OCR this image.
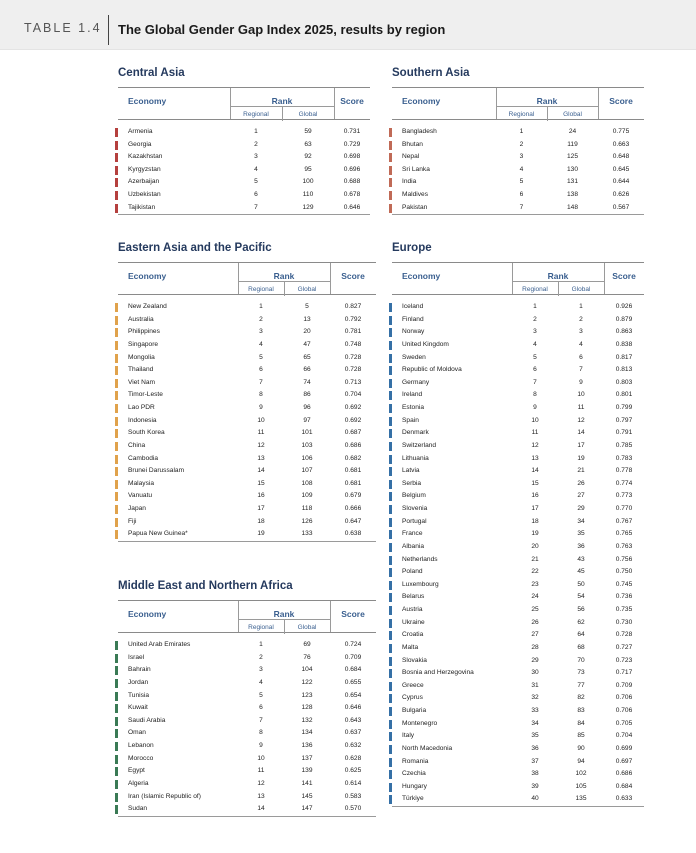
TABLE 1.4 The Global Gender Gap Index 2025, results by region
Central Asia
Economy	Rank	Score
Regional	Global
Armenia	1	59	0.731
Georgia	2	63	0.729
Kazakhstan	3	92	0.698
Kyrgyzstan	4	95	0.696
Azerbaijan	5	100	0.688
Uzbekistan	6	110	0.678
Tajikistan	7	129	0.646
Southern Asia
Economy	Rank	Score
Regional	Global
Bangladesh	1	24	0.775
Bhutan	2	119	0.663
Nepal	3	125	0.648
Sri Lanka	4	130	0.645
India	5	131	0.644
Maldives	6	138	0.626
Pakistan	7	148	0.567
Eastern Asia and the Pacific
Economy	Rank	Score
Regional	Global
New Zealand	1	5	0.827
Australia	2	13	0.792
Philippines	3	20	0.781
Singapore	4	47	0.748
Mongolia	5	65	0.728
Thailand	6	66	0.728
Viet Nam	7	74	0.713
Timor-Leste	8	86	0.704
Lao PDR	9	96	0.692
Indonesia	10	97	0.692
South Korea	11	101	0.687
China	12	103	0.686
Cambodia	13	106	0.682
Brunei Darussalam	14	107	0.681
Malaysia	15	108	0.681
Vanuatu	16	109	0.679
Japan	17	118	0.666
Fiji	18	126	0.647
Papua New Guinea*	19	133	0.638
Europe
Economy	Rank	Score
Regional	Global
Iceland	1	1	0.926
Finland	2	2	0.879
Norway	3	3	0.863
United Kingdom	4	4	0.838
Sweden	5	6	0.817
Republic of Moldova	6	7	0.813
Germany	7	9	0.803
Ireland	8	10	0.801
Estonia	9	11	0.799
Spain	10	12	0.797
Denmark	11	14	0.791
Switzerland	12	17	0.785
Lithuania	13	19	0.783
Latvia	14	21	0.778
Serbia	15	26	0.774
Belgium	16	27	0.773
Slovenia	17	29	0.770
Portugal	18	34	0.767
France	19	35	0.765
Albania	20	36	0.763
Netherlands	21	43	0.756
Poland	22	45	0.750
Luxembourg	23	50	0.745
Belarus	24	54	0.736
Austria	25	56	0.735
Ukraine	26	62	0.730
Croatia	27	64	0.728
Malta	28	68	0.727
Slovakia	29	70	0.723
Bosnia and Herzegovina	30	73	0.717
Greece	31	77	0.709
Cyprus	32	82	0.706
Bulgaria	33	83	0.706
Montenegro	34	84	0.705
Italy	35	85	0.704
North Macedonia	36	90	0.699
Romania	37	94	0.697
Czechia	38	102	0.686
Hungary	39	105	0.684
Türkiye	40	135	0.633
Middle East and Northern Africa
Economy	Rank	Score
Regional	Global
United Arab Emirates	1	69	0.724
Israel	2	76	0.709
Bahrain	3	104	0.684
Jordan	4	122	0.655
Tunisia	5	123	0.654
Kuwait	6	128	0.646
Saudi Arabia	7	132	0.643
Oman	8	134	0.637
Lebanon	9	136	0.632
Morocco	10	137	0.628
Egypt	11	139	0.625
Algeria	12	141	0.614
Iran (Islamic Republic of)	13	145	0.583
Sudan	14	147	0.570
